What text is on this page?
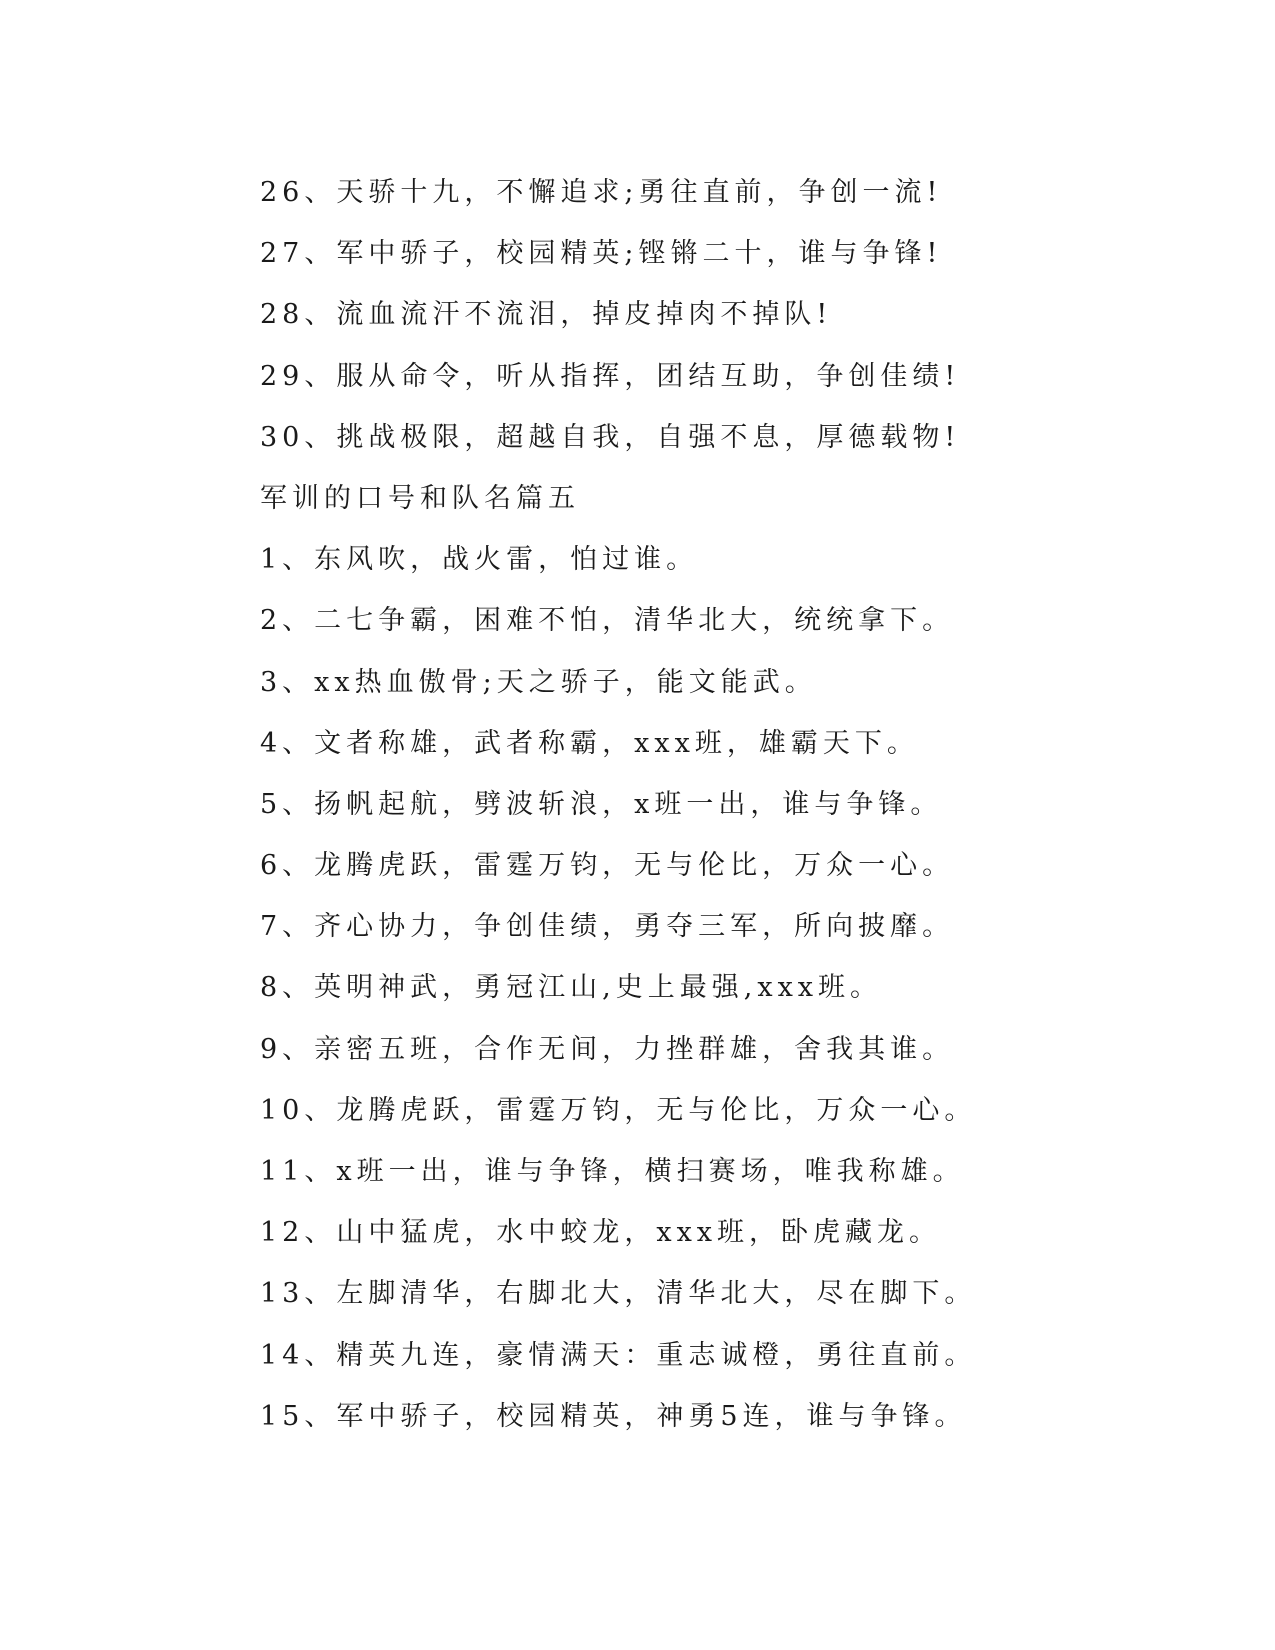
26、天骄十九，不懈追求;勇往直前，争创一流!
27、军中骄子，校园精英;铿锵二十，谁与争锋!
28、流血流汗不流泪，掉皮掉肉不掉队!
29、服从命令，听从指挥，团结互助，争创佳绩!
30、挑战极限，超越自我，自强不息，厚德载物!
军训的口号和队名篇五
1、东风吹，战火雷，怕过谁。
2、二七争霸，困难不怕，清华北大，统统拿下。
3、xx热血傲骨;天之骄子，能文能武。
4、文者称雄，武者称霸，xxx班，雄霸天下。
5、扬帆起航，劈波斩浪，x班一出，谁与争锋。
6、龙腾虎跃，雷霆万钧，无与伦比，万众一心。
7、齐心协力，争创佳绩，勇夺三军，所向披靡。
8、英明神武，勇冠江山,史上最强,xxx班。
9、亲密五班，合作无间，力挫群雄，舍我其谁。
10、龙腾虎跃，雷霆万钧，无与伦比，万众一心。
11、x班一出，谁与争锋，横扫赛场，唯我称雄。
12、山中猛虎，水中蛟龙，xxx班，卧虎藏龙。
13、左脚清华，右脚北大，清华北大，尽在脚下。
14、精英九连，豪情满天：重志诚橙，勇往直前。
15、军中骄子，校园精英，神勇5连，谁与争锋。
